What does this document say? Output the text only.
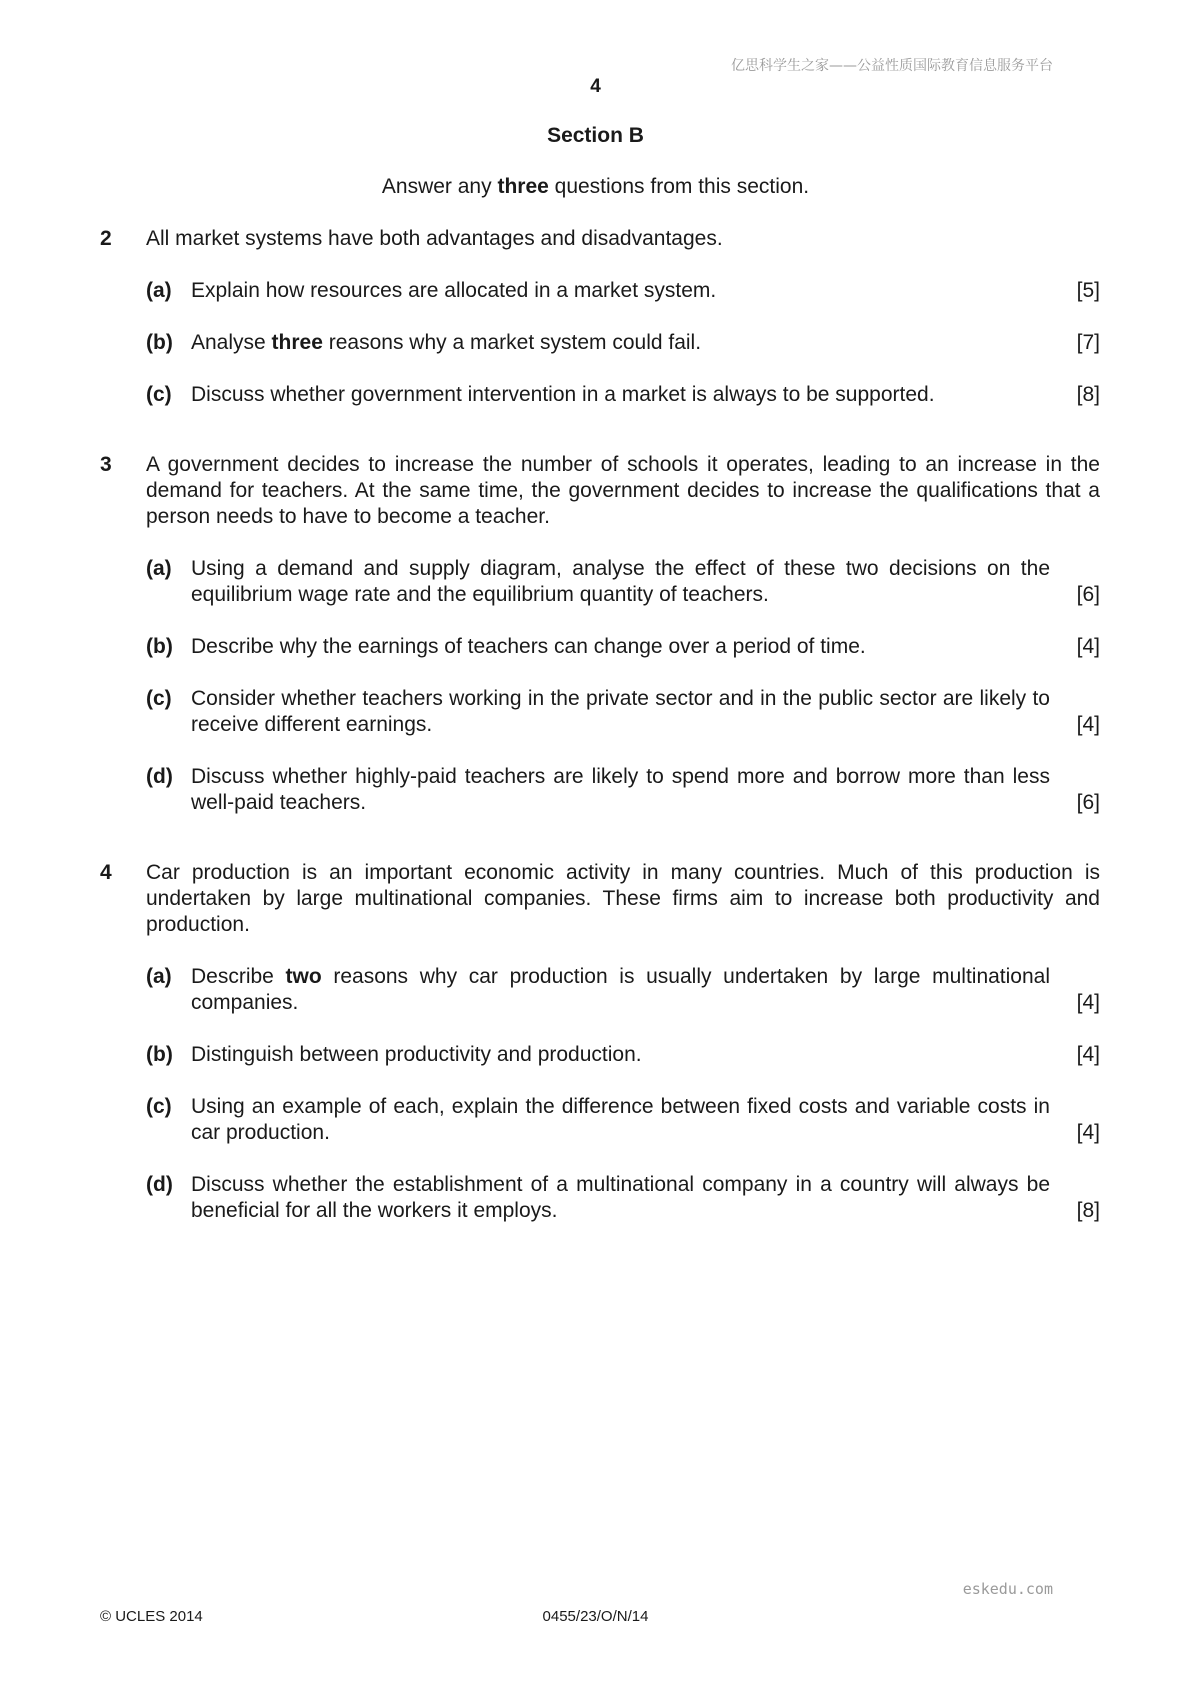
亿思科学生之家——公益性质国际教育信息服务平台
4
Section B
Answer any three questions from this section.
2 All market systems have both advantages and disadvantages.
(a) Explain how resources are allocated in a market system.	[5]
(b) Analyse three reasons why a market system could fail.	[7]
(c) Discuss whether government intervention in a market is always to be supported.	[8]
3 A government decides to increase the number of schools it operates, leading to an increase in the demand for teachers. At the same time, the government decides to increase the qualifications that a person needs to have to become a teacher.
(a) Using a demand and supply diagram, analyse the effect of these two decisions on the equilibrium wage rate and the equilibrium quantity of teachers.	[6]
(b) Describe why the earnings of teachers can change over a period of time.	[4]
(c) Consider whether teachers working in the private sector and in the public sector are likely to receive different earnings.	[4]
(d) Discuss whether highly-paid teachers are likely to spend more and borrow more than less well-paid teachers.	[6]
4 Car production is an important economic activity in many countries. Much of this production is undertaken by large multinational companies. These firms aim to increase both productivity and production.
(a) Describe two reasons why car production is usually undertaken by large multinational companies.	[4]
(b) Distinguish between productivity and production.	[4]
(c) Using an example of each, explain the difference between fixed costs and variable costs in car production.	[4]
(d) Discuss whether the establishment of a multinational company in a country will always be beneficial for all the workers it employs.	[8]
eskedu.com
© UCLES 2014	0455/23/O/N/14
